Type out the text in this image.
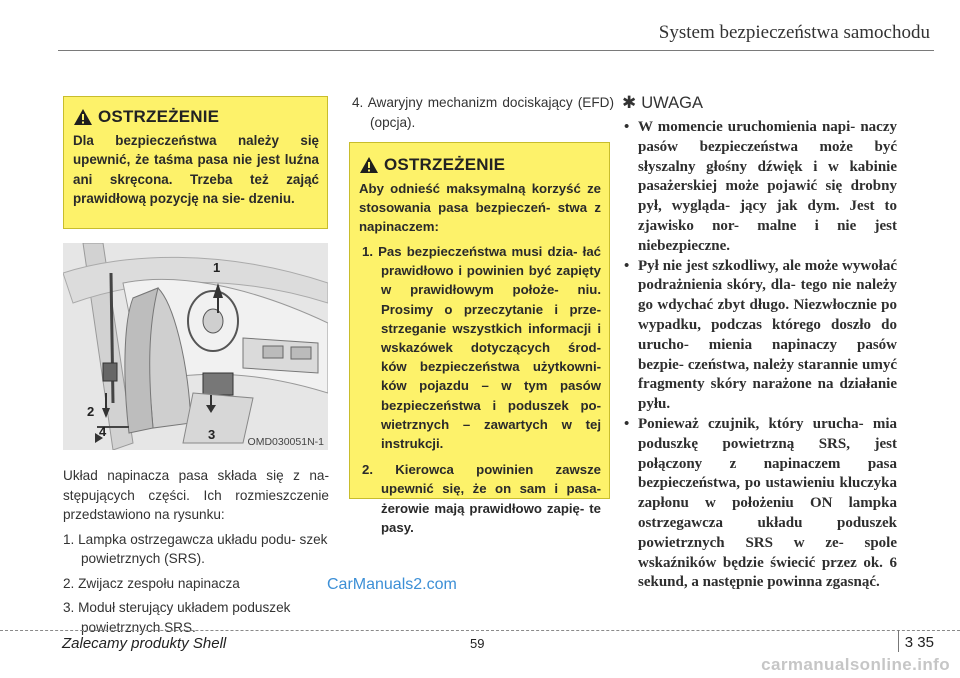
System bezpieczeństwa samochodu
OSTRZEŻENIE
Dla bezpieczeństwa należy się upewnić, że taśma pasa nie jest luźna ani skręcona. Trzeba też zająć prawidłową pozycję na sie- dzeniu.
1
2
4	3	OMD030051N-1
Układ napinacza pasa składa się z na- stępujących części. Ich rozmieszczenie przedstawiono na rysunku:
1. Lampka ostrzegawcza układu podu- szek powietrznych (SRS).
2. Zwijacz zespołu napinacza
3. Moduł sterujący układem poduszek powietrznych SRS.
4. Awaryjny mechanizm dociskający (EFD) (opcja).
OSTRZEŻENIE
Aby odnieść maksymalną korzyść ze stosowania pasa bezpieczeń- stwa z napinaczem:
1. Pas bezpieczeństwa musi dzia- łać prawidłowo i powinien być zapięty w prawidłowym położe- niu. Prosimy o przeczytanie i prze- strzeganie wszystkich informacji i wskazówek dotyczących środ- ków bezpieczeństwa użytkowni- ków pojazdu – w tym pasów bezpieczeństwa i poduszek po- wietrznych – zawartych w tej instrukcji.
2. Kierowca powinien zawsze upewnić się, że on sam i pasa- żerowie mają prawidłowo zapię- te pasy.
✱ UWAGA
• W momencie uruchomienia napi- naczy pasów bezpieczeństwa może być słyszalny głośny dźwięk i w kabinie pasażerskiej może pojawić się drobny pył, wygląda- jący jak dym. Jest to zjawisko nor- malne i nie jest niebezpieczne.
• Pył nie jest szkodliwy, ale może wywołać podrażnienia skóry, dla- tego nie należy go wdychać zbyt długo. Niezwłocznie po wypadku, podczas którego doszło do urucho- mienia napinaczy pasów bezpie- czeństwa, należy starannie umyć fragmenty skóry narażone na działanie pyłu.
• Ponieważ czujnik, który urucha- mia poduszkę powietrzną SRS, jest połączony z napinaczem pasa bezpieczeństwa, po ustawieniu kluczyka zapłonu w położeniu ON lampka ostrzegawcza układu poduszek powietrznych SRS w ze- spole wskaźników będzie świecić przez ok. 6 sekund, a następnie powinna zgasnąć.
CarManuals2.com
Zalecamy produkty Shell	59	3 35
carmanualsonline.info
